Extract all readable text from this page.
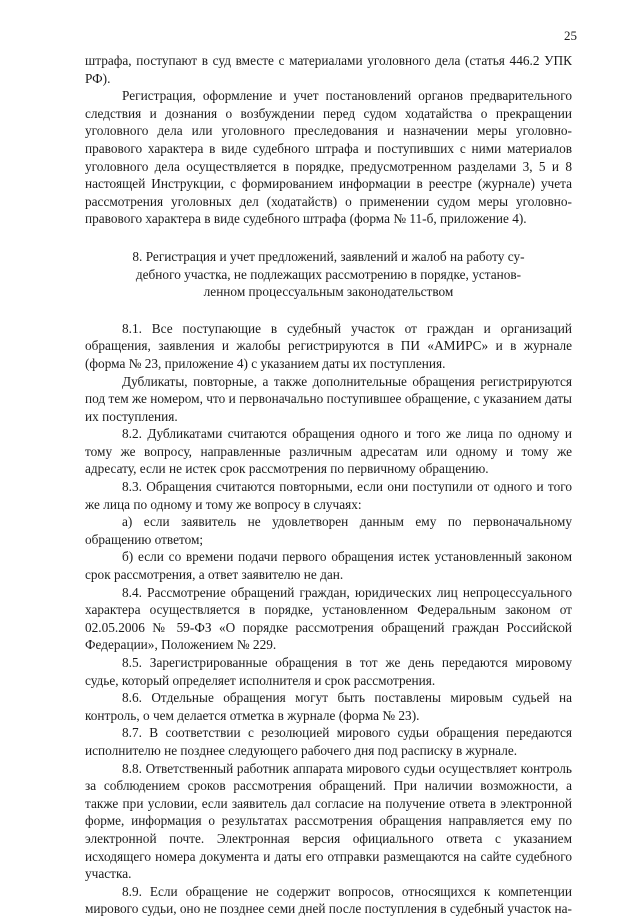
25

штрафа, поступают в суд вместе с материалами уголовного дела (статья 446.2 УПК РФ).

Регистрация, оформление и учет постановлений органов предварительного следствия и дознания о возбуждении перед судом ходатайства о прекращении уголовного дела или уголовного преследования и назначении меры уголовно-правового характера в виде судебного штрафа и поступивших с ними материалов уголовного дела осуществляется в порядке, предусмотренном разделами 3, 5 и 8 настоящей Инструкции, с формированием информации в реестре (журнале) учета рассмотрения уголовных дел (ходатайств) о применении судом меры уголовно-правового характера в виде судебного штрафа (форма № 11-б, приложение 4).

8. Регистрация и учет предложений, заявлений и жалоб на работу су-
дебного участка, не подлежащих рассмотрению в порядке, установ-
ленном процессуальным законодательством

8.1. Все поступающие в судебный участок от граждан и организаций обращения, заявления и жалобы регистрируются в ПИ «АМИРС» и в журнале (форма № 23, приложение 4) с указанием даты их поступления.

Дубликаты, повторные, а также дополнительные обращения регистрируются под тем же номером, что и первоначально поступившее обращение, с указанием даты их поступления.

8.2. Дубликатами считаются обращения одного и того же лица по одному и тому же вопросу, направленные различным адресатам или одному и тому же адресату, если не истек срок рассмотрения по первичному обращению.

8.3. Обращения считаются повторными, если они поступили от одного и того же лица по одному и тому же вопросу в случаях:

а) если заявитель не удовлетворен данным ему по первоначальному обращению ответом;

б) если со времени подачи первого обращения истек установленный законом срок рассмотрения, а ответ заявителю не дан.

8.4. Рассмотрение обращений граждан, юридических лиц непроцессуального характера осуществляется в порядке, установленном Федеральным законом от 02.05.2006 № 59-ФЗ «О порядке рассмотрения обращений граждан Российской Федерации», Положением № 229.

8.5. Зарегистрированные обращения в тот же день передаются мировому судье, который определяет исполнителя и срок рассмотрения.

8.6. Отдельные обращения могут быть поставлены мировым судьей на контроль, о чем делается отметка в журнале (форма № 23).

8.7. В соответствии с резолюцией мирового судьи обращения передаются исполнителю не позднее следующего рабочего дня под расписку в журнале.

8.8. Ответственный работник аппарата мирового судьи осуществляет контроль за соблюдением сроков рассмотрения обращений. При наличии возможности, а также при условии, если заявитель дал согласие на получение ответа в электронной форме, информация о результатах рассмотрения обращения направляется ему по электронной почте. Электронная версия официального ответа с указанием исходящего номера документа и даты его отправки размещаются на сайте судебного участка.

8.9. Если обращение не содержит вопросов, относящихся к компетенции мирового судьи, оно не позднее семи дней после поступления в судебный участок на-
